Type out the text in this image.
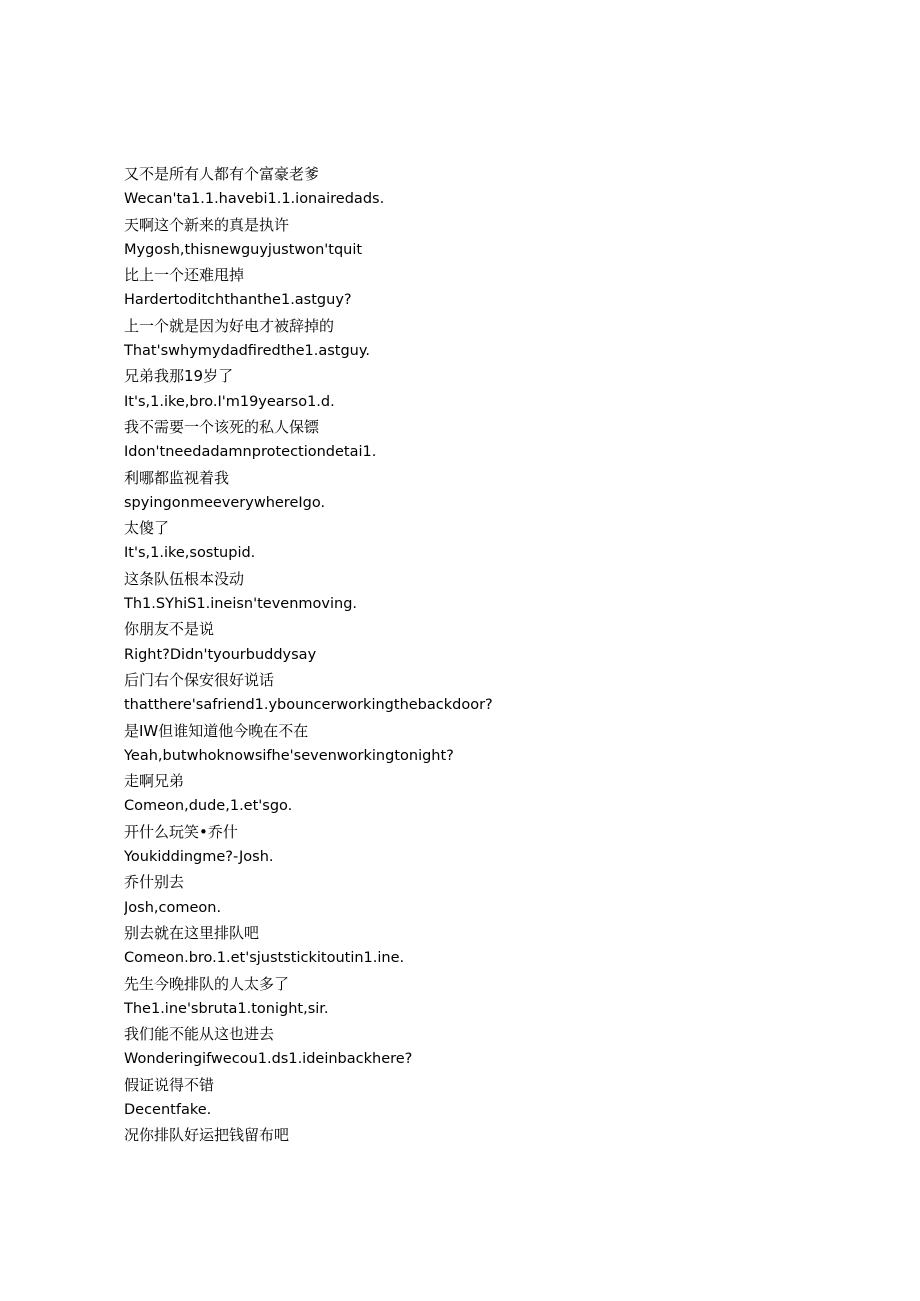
又不是所有人都有个富豪老爹
Wecan'ta1.1.havebi1.1.ionairedads.
天啊这个新来的真是执许
Mygosh,thisnewguyjustwon'tquit
比上一个还难甩掉
Hardertoditchthanthe1.astguy?
上一个就是因为好电才被辞掉的
That'swhymydadfiredthe1.astguy.
兄弟我那19岁了
It's,1.ike,bro.I'm19yearso1.d.
我不需要一个该死的私人保镖
Idon'tneedadamnprotectiondetai1.
利哪都监视着我
spyingonmeeverywhereIgo.
太傻了
It's,1.ike,sostupid.
这条队伍根本没动
Th1.SYhiS1.ineisn'tevenmoving.
你朋友不是说
Right?Didn'tyourbuddysay
后门右个保安很好说话
thatthere'safriend1.ybouncerworkingthebackdoor?
是IW但谁知道他今晚在不在
Yeah,butwhoknowsifhe'sevenworkingtonight?
走啊兄弟
Comeon,dude,1.et'sgo.
开什么玩笑•乔什
Youkiddingme?-Josh.
乔什别去
Josh,comeon.
别去就在这里排队吧
Comeon.bro.1.et'sjuststickitoutin1.ine.
先生今晚排队的人太多了
The1.ine'sbruta1.tonight,sir.
我们能不能从这也进去
Wonderingifwecou1.ds1.ideinbackhere?
假证说得不错
Decentfake.
况你排队好运把钱留布吧
